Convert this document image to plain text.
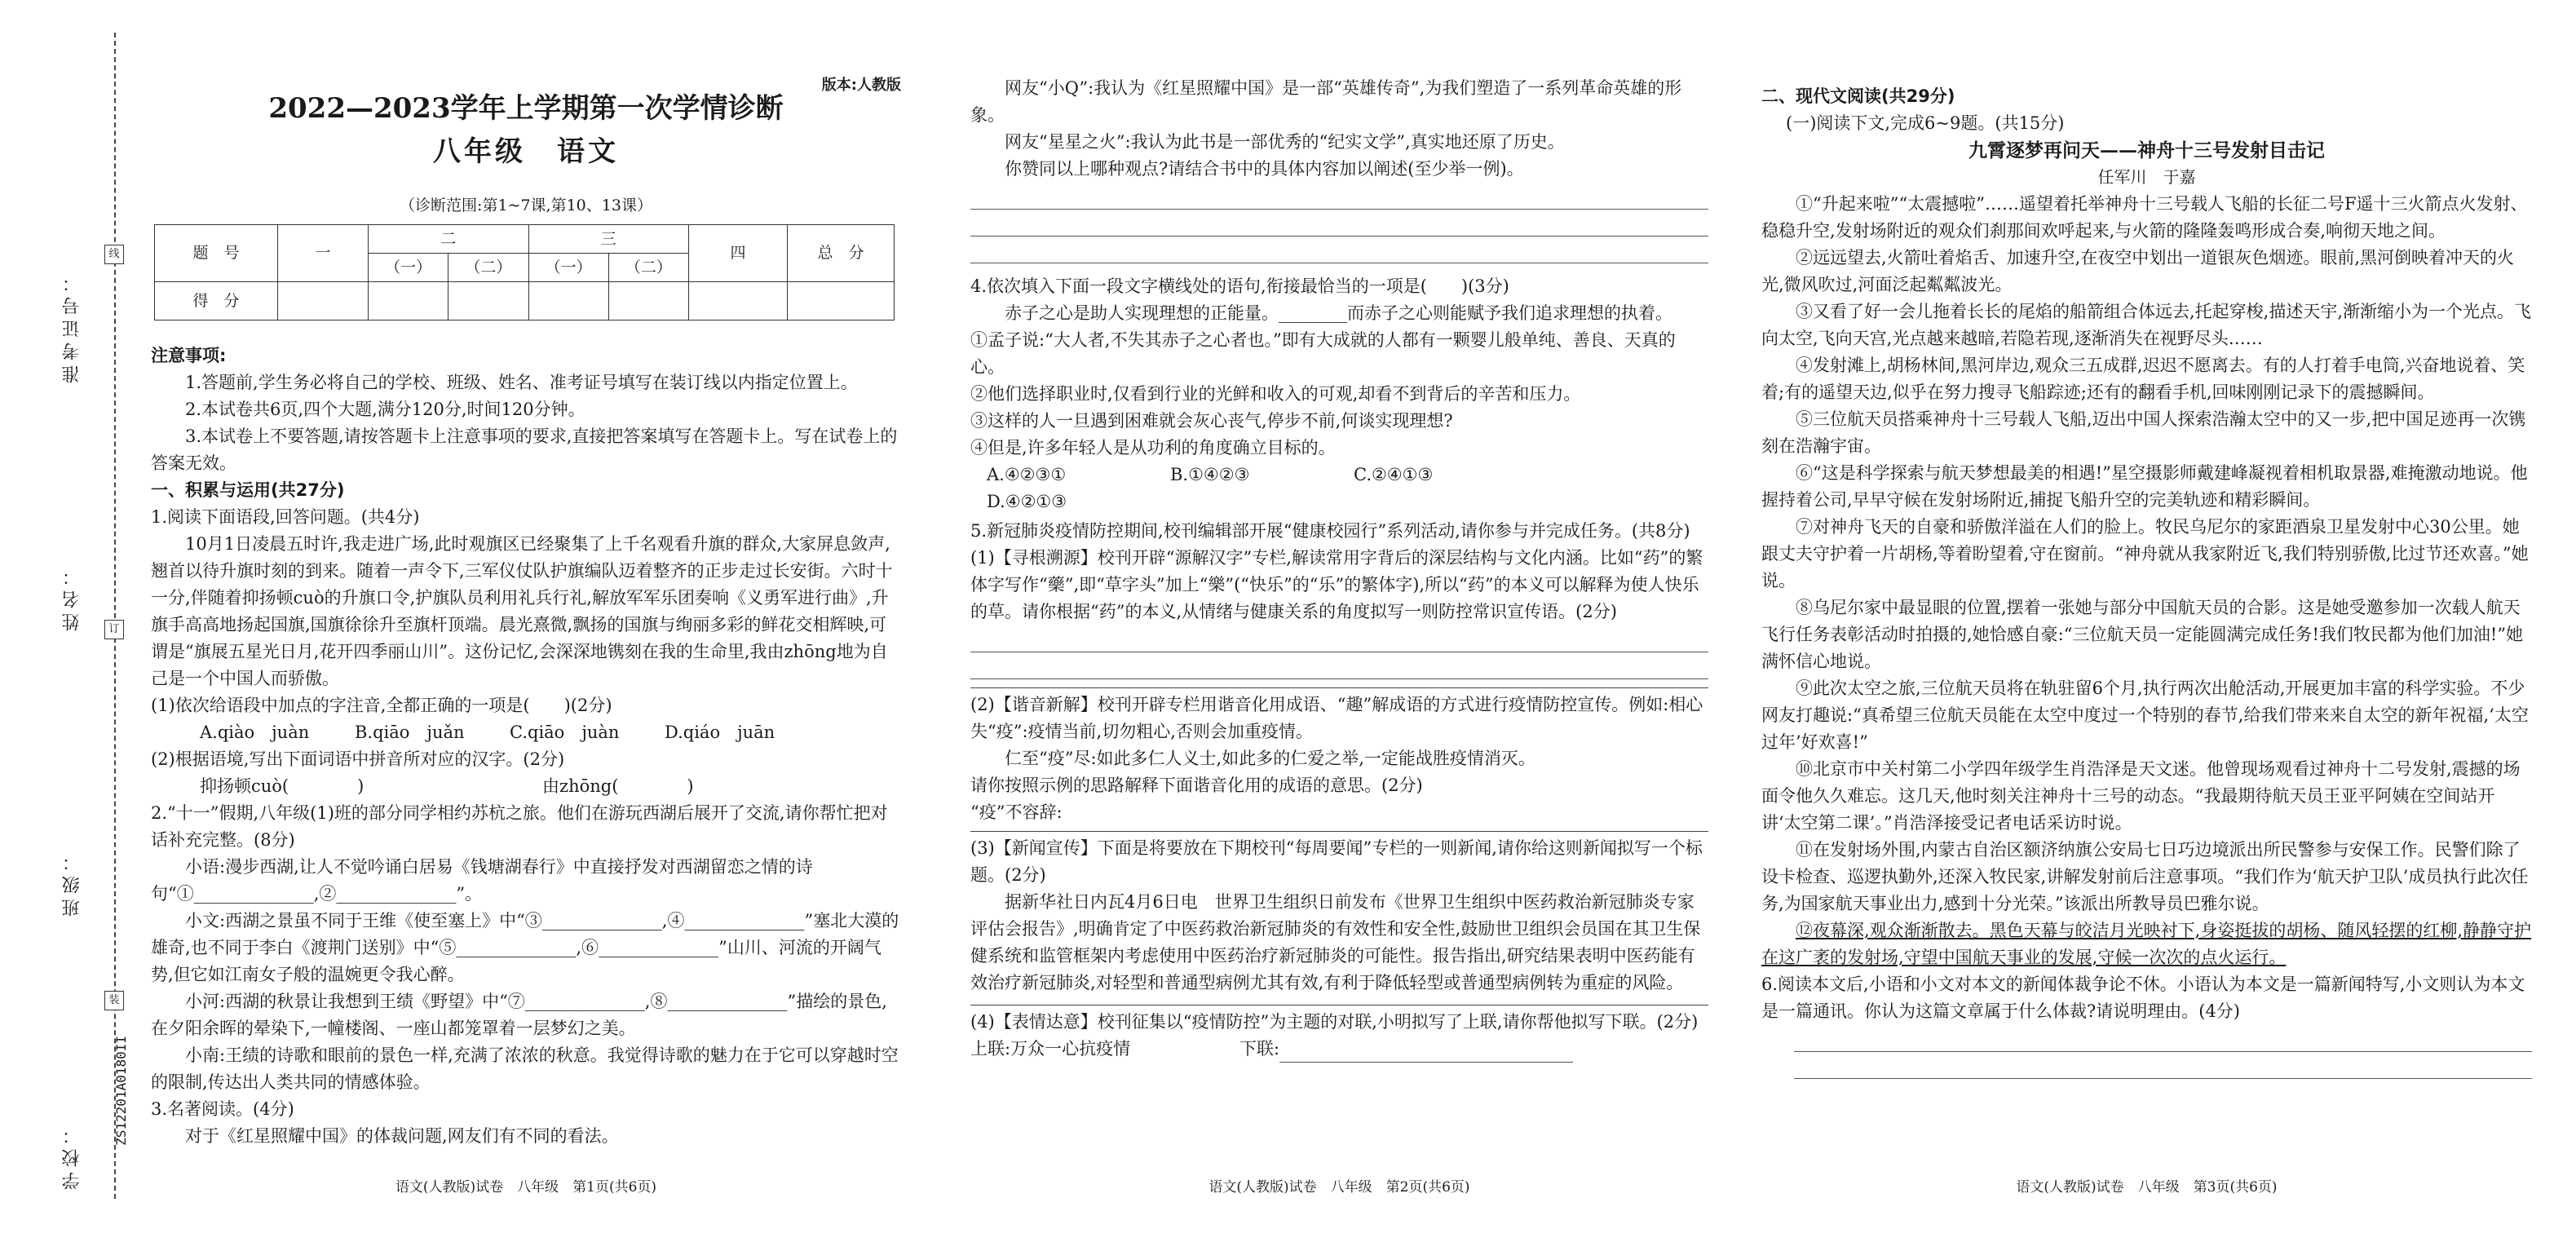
线
订
装
准考证号：
姓名：
班级：
学校：
ZS12201A0180II
版本:人教版
2022—2023学年上学期第一次学情诊断
八年级　语文
（诊断范围:第1~7课,第10、13课）
题　号	一	二		三		四	总　分
		（一）	（二）	（一）	（二）		
得　分							

注意事项:

1.答题前,学生务必将自己的学校、班级、姓名、准考证号填写在装订线以内指定位置上。

2.本试卷共6页,四个大题,满分120分,时间120分钟。

3.本试卷上不要答题,请按答题卡上注意事项的要求,直接把答案填写在答题卡上。写在试卷上的答案无效。

一、积累与运用(共27分)

1.阅读下面语段,回答问题。(共4分)

10月1日凌晨五时许,我走进广场,此时观旗区已经聚集了上千名观看升旗的群众,大家屏息敛声,翘首以待升旗时刻的到来。随着一声令下,三军仪仗队护旗编队迈着整齐的正步走过长安街。六时十一分,伴随着抑扬顿cuò的升旗口令,护旗队员利用礼兵行礼,解放军军乐团奏响《义勇军进行曲》,升旗手高高地扬起国旗,国旗徐徐升至旗杆顶端。晨光熹微,飘扬的国旗与绚丽多彩的鲜花交相辉映,可谓是“旗展五星光日月,花开四季丽山川”。这份记忆,会深深地镌刻在我的生命里,我由zhōng地为自己是一个中国人而骄傲。

(1)依次给语段中加点的字注音,全都正确的一项是(　　)(2分)

A.qiào　juàn	B.qiāo　juǎn	C.qiāo　juàn	D.qiáo　juān

(2)根据语境,写出下面词语中拼音所对应的汉字。(2分)

抑扬顿cuò(　　　　)	由zhōng(　　　　)

2.“十一”假期,八年级(1)班的部分同学相约苏杭之旅。他们在游玩西湖后展开了交流,请你帮忙把对话补充完整。(8分)

小语:漫步西湖,让人不觉吟诵白居易《钱塘湖春行》中直接抒发对西湖留恋之情的诗句“①______________,②______________”。

小文:西湖之景虽不同于王维《使至塞上》中“③______________,④______________”塞北大漠的雄奇,也不同于李白《渡荆门送别》中“⑤______________,⑥______________”山川、河流的开阔气势,但它如江南女子般的温婉更令我心醉。

小河:西湖的秋景让我想到王绩《野望》中“⑦______________,⑧______________”描绘的景色,在夕阳余晖的晕染下,一幢楼阁、一座山都笼罩着一层梦幻之美。

小南:王绩的诗歌和眼前的景色一样,充满了浓浓的秋意。我觉得诗歌的魅力在于它可以穿越时空的限制,传达出人类共同的情感体验。

3.名著阅读。(4分)

对于《红星照耀中国》的体裁问题,网友们有不同的看法。

语文(人教版)试卷　八年级　第1页(共6页)

网友“小Q”:我认为《红星照耀中国》是一部“英雄传奇”,为我们塑造了一系列革命英雄的形象。

网友“星星之火”:我认为此书是一部优秀的“纪实文学”,真实地还原了历史。

你赞同以上哪种观点?请结合书中的具体内容加以阐述(至少举一例)。

4.依次填入下面一段文字横线处的语句,衔接最恰当的一项是(　　)(3分)

赤子之心是助人实现理想的正能量。________而赤子之心则能赋予我们追求理想的执着。

①孟子说:“大人者,不失其赤子之心者也。”即有大成就的人都有一颗婴儿般单纯、善良、天真的心。

②他们选择职业时,仅看到行业的光鲜和收入的可观,却看不到背后的辛苦和压力。

③这样的人一旦遇到困难就会灰心丧气,停步不前,何谈实现理想?

④但是,许多年轻人是从功利的角度确立目标的。

A.④②③①	B.①④②③	C.②④①③D.④②①③

5.新冠肺炎疫情防控期间,校刊编辑部开展“健康校园行”系列活动,请你参与并完成任务。(共8分)

(1)【寻根溯源】校刊开辟“源解汉字”专栏,解读常用字背后的深层结构与文化内涵。比如“药”的繁体字写作“藥”,即“草字头”加上“樂”(“快乐”的“乐”的繁体字),所以“药”的本义可以解释为使人快乐的草。请你根据“药”的本义,从情绪与健康关系的角度拟写一则防控常识宣传语。(2分)

(2)【谐音新解】校刊开辟专栏用谐音化用成语、“趣”解成语的方式进行疫情防控宣传。例如:相心失“疫”:疫情当前,切勿粗心,否则会加重疫情。

仁至“疫”尽:如此多仁人义士,如此多的仁爱之举,一定能战胜疫情消灭。

请你按照示例的思路解释下面谐音化用的成语的意思。(2分)

“疫”不容辞:

(3)【新闻宣传】下面是将要放在下期校刊“每周要闻”专栏的一则新闻,请你给这则新闻拟写一个标题。(2分)

据新华社日内瓦4月6日电　世界卫生组织日前发布《世界卫生组织中医药救治新冠肺炎专家评估会报告》,明确肯定了中医药救治新冠肺炎的有效性和安全性,鼓励世卫组织会员国在其卫生保健系统和监管框架内考虑使用中医药治疗新冠肺炎的可能性。报告指出,研究结果表明中医药能有效治疗新冠肺炎,对轻型和普通型病例尤其有效,有利于降低轻型或普通型病例转为重症的风险。

(4)【表情达意】校刊征集以“疫情防控”为主题的对联,小明拟写了上联,请你帮他拟写下联。(2分)

上联:万众一心抗疫情	下联:

语文(人教版)试卷　八年级　第2页(共6页)

二、现代文阅读(共29分)

(一)阅读下文,完成6~9题。(共15分)

九霄逐梦再问天——神舟十三号发射目击记

任军川　于嘉

①“升起来啦”“太震撼啦”……遥望着托举神舟十三号载人飞船的长征二号F遥十三火箭点火发射、稳稳升空,发射场附近的观众们刹那间欢呼起来,与火箭的隆隆轰鸣形成合奏,响彻天地之间。

②远远望去,火箭吐着焰舌、加速升空,在夜空中划出一道银灰色烟迹。眼前,黑河倒映着冲天的火光,微风吹过,河面泛起粼粼波光。

③又看了好一会儿拖着长长的尾焰的船箭组合体远去,托起穿梭,描述天宇,渐渐缩小为一个光点。飞向太空,飞向天宫,光点越来越暗,若隐若现,逐渐消失在视野尽头……

④发射滩上,胡杨林间,黑河岸边,观众三五成群,迟迟不愿离去。有的人打着手电筒,兴奋地说着、笑着;有的遥望天边,似乎在努力搜寻飞船踪迹;还有的翻看手机,回味刚刚记录下的震撼瞬间。

⑤三位航天员搭乘神舟十三号载人飞船,迈出中国人探索浩瀚太空中的又一步,把中国足迹再一次镌刻在浩瀚宇宙。

⑥“这是科学探索与航天梦想最美的相遇!”星空摄影师戴建峰凝视着相机取景器,难掩激动地说。他握持着公司,早早守候在发射场附近,捕捉飞船升空的完美轨迹和精彩瞬间。

⑦对神舟飞天的自豪和骄傲洋溢在人们的脸上。牧民乌尼尔的家距酒泉卫星发射中心30公里。她跟丈夫守护着一片胡杨,等着盼望着,守在窗前。“神舟就从我家附近飞,我们特别骄傲,比过节还欢喜。”她说。

⑧乌尼尔家中最显眼的位置,摆着一张她与部分中国航天员的合影。这是她受邀参加一次载人航天飞行任务表彰活动时拍摄的,她恰感自豪:“三位航天员一定能圆满完成任务!我们牧民都为他们加油!”她满怀信心地说。

⑨此次太空之旅,三位航天员将在轨驻留6个月,执行两次出舱活动,开展更加丰富的科学实验。不少网友打趣说:“真希望三位航天员能在太空中度过一个特别的春节,给我们带来来自太空的新年祝福,‘太空过年’好欢喜!”

⑩北京市中关村第二小学四年级学生肖浩泽是天文迷。他曾现场观看过神舟十二号发射,震撼的场面令他久久难忘。这几天,他时刻关注神舟十三号的动态。“我最期待航天员王亚平阿姨在空间站开讲‘太空第二课’。”肖浩泽接受记者电话采访时说。

⑪在发射场外围,内蒙古自治区额济纳旗公安局七日巧边境派出所民警参与安保工作。民警们除了设卡检查、巡逻执勤外,还深入牧民家,讲解发射前后注意事项。“我们作为‘航天护卫队’成员执行此次任务,为国家航天事业出力,感到十分光荣。”该派出所教导员巴雅尔说。

⑫夜幕深,观众渐渐散去。黑色天幕与皎洁月光映衬下,身姿挺拔的胡杨、随风轻摆的红柳,静静守护在这广袤的发射场,守望中国航天事业的发展,守候一次次的点火运行。

6.阅读本文后,小语和小文对本文的新闻体裁争论不休。小语认为本文是一篇新闻特写,小文则认为本文是一篇通讯。你认为这篇文章属于什么体裁?请说明理由。(4分)

语文(人教版)试卷　八年级　第3页(共6页)
